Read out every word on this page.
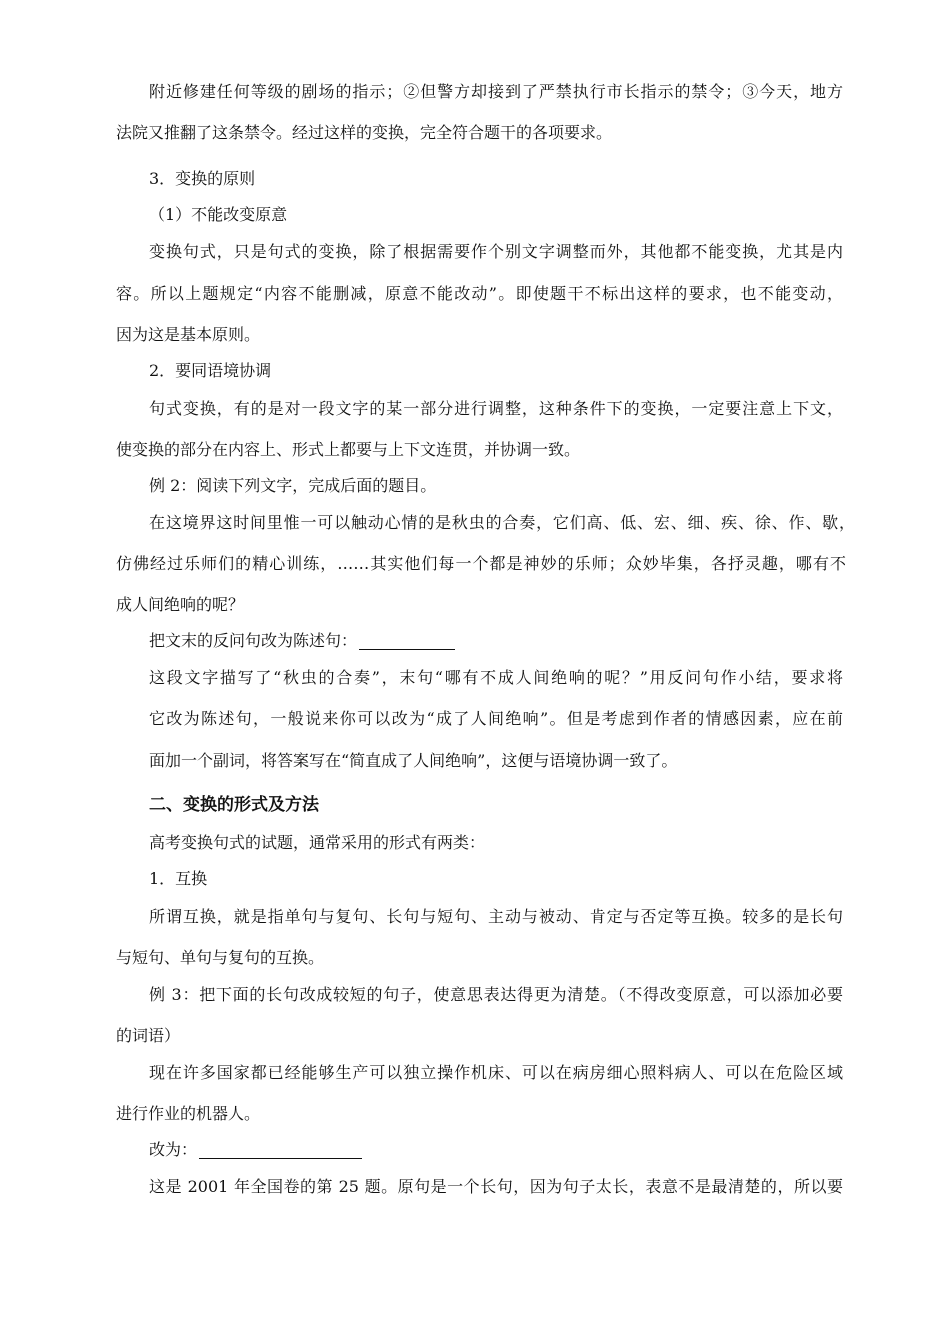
附近修建任何等级的剧场的指示；②但警方却接到了严禁执行市长指示的禁令；③今天，地方
法院又推翻了这条禁令。经过这样的变换，完全符合题干的各项要求。
3．变换的原则
（1）不能改变原意
变换句式，只是句式的变换，除了根据需要作个别文字调整而外，其他都不能变换，尤其是内
容。所以上题规定“内容不能删减，原意不能改动”。即使题干不标出这样的要求，也不能变动，
因为这是基本原则。
2．要同语境协调
句式变换，有的是对一段文字的某一部分进行调整，这种条件下的变换，一定要注意上下文，
使变换的部分在内容上、形式上都要与上下文连贯，并协调一致。
例 2：阅读下列文字，完成后面的题目。
在这境界这时间里惟一可以触动心情的是秋虫的合奏，它们高、低、宏、细、疾、徐、作、歇，
仿佛经过乐师们的精心训练，……其实他们每一个都是神妙的乐师；众妙毕集，各抒灵趣，哪有不
成人间绝响的呢？
把文末的反问句改为陈述句：
这段文字描写了“秋虫的合奏”，末句“哪有不成人间绝响的呢？”用反问句作小结，要求将
它改为陈述句，一般说来你可以改为“成了人间绝响”。但是考虑到作者的情感因素，应在前
面加一个副词，将答案写在“简直成了人间绝响”，这便与语境协调一致了。
二、变换的形式及方法
高考变换句式的试题，通常采用的形式有两类：
1．互换
所谓互换，就是指单句与复句、长句与短句、主动与被动、肯定与否定等互换。较多的是长句
与短句、单句与复句的互换。
例 3：把下面的长句改成较短的句子，使意思表达得更为清楚。（不得改变原意，可以添加必要
的词语）
现在许多国家都已经能够生产可以独立操作机床、可以在病房细心照料病人、可以在危险区域
进行作业的机器人。
改为：
这是 2001 年全国卷的第 25 题。原句是一个长句，因为句子太长，表意不是最清楚的，所以要
